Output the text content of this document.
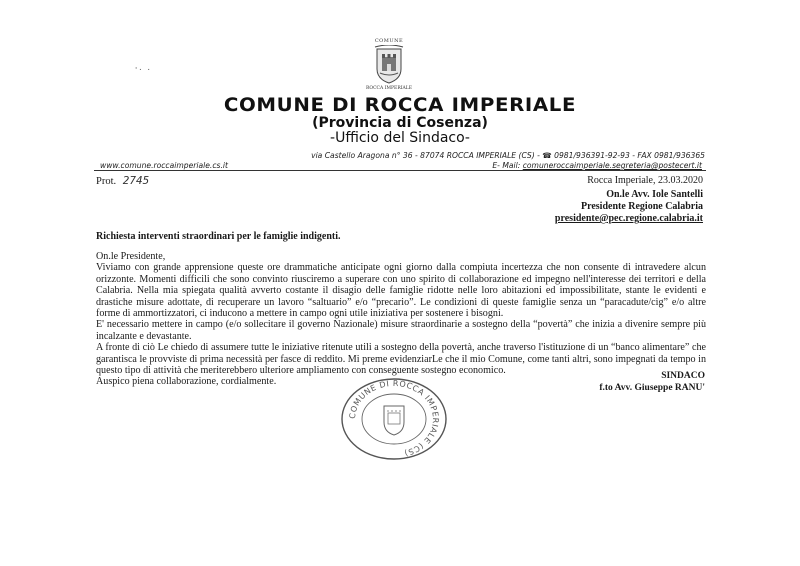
COMUNE
ROCCA IMPERIALE
'· ·
COMUNE DI ROCCA IMPERIALE
(Provincia di Cosenza)
-Ufficio del Sindaco-
via Castello Aragona n° 36 - 87074 ROCCA IMPERIALE (CS) - ☎ 0981/936391-92-93 - FAX 0981/936365
www.comune.roccaimperiale.cs.it	E- Mail: comuneroccaimperiale.segreteria@postecert.it
Prot. 2745	Rocca Imperiale, 23.03.2020
On.le Avv. Iole Santelli
Presidente Regione Calabria
presidente@pec.regione.calabria.it
Richiesta interventi straordinari per le famiglie indigenti.

On.le Presidente,

Viviamo con grande apprensione queste ore drammatiche anticipate ogni giorno dalla compiuta incertezza che non consente di intravedere alcun orizzonte. Momenti difficili che sono convinto riusciremo a superare con uno spirito di collaborazione ed impegno nell'interesse dei territori e della Calabria. Nella mia spiegata qualità avverto costante il disagio delle famiglie ridotte nelle loro abitazioni ed impossibilitate, stante le evidenti e drastiche misure adottate, di recuperare un lavoro “saltuario” e/o “precario”. Le condizioni di queste famiglie senza un “paracadute/cig” e/o altre forme di ammortizzatori, ci inducono a mettere in campo ogni utile iniziativa per sostenere i bisogni.

E' necessario mettere in campo (e/o sollecitare il governo Nazionale) misure straordinarie a sostegno della “povertà” che inizia a divenire sempre più incalzante e devastante.

A fronte di ciò Le chiedo di assumere tutte le iniziative ritenute utili a sostegno della povertà, anche traverso l'istituzione di un “banco alimentare” che garantisca le provviste di prima necessità per fasce di reddito. Mi preme evidenziarLe che il mio Comune, come tanti altri, sono impegnati da tempo in questo tipo di attività che meriterebbero ulteriore ampliamento con conseguente sostegno economico.

Auspico piena collaborazione, cordialmente.

SINDACO
f.to Avv. Giuseppe RANU'
COMUNE DI ROCCA IMPERIALE (CS)
